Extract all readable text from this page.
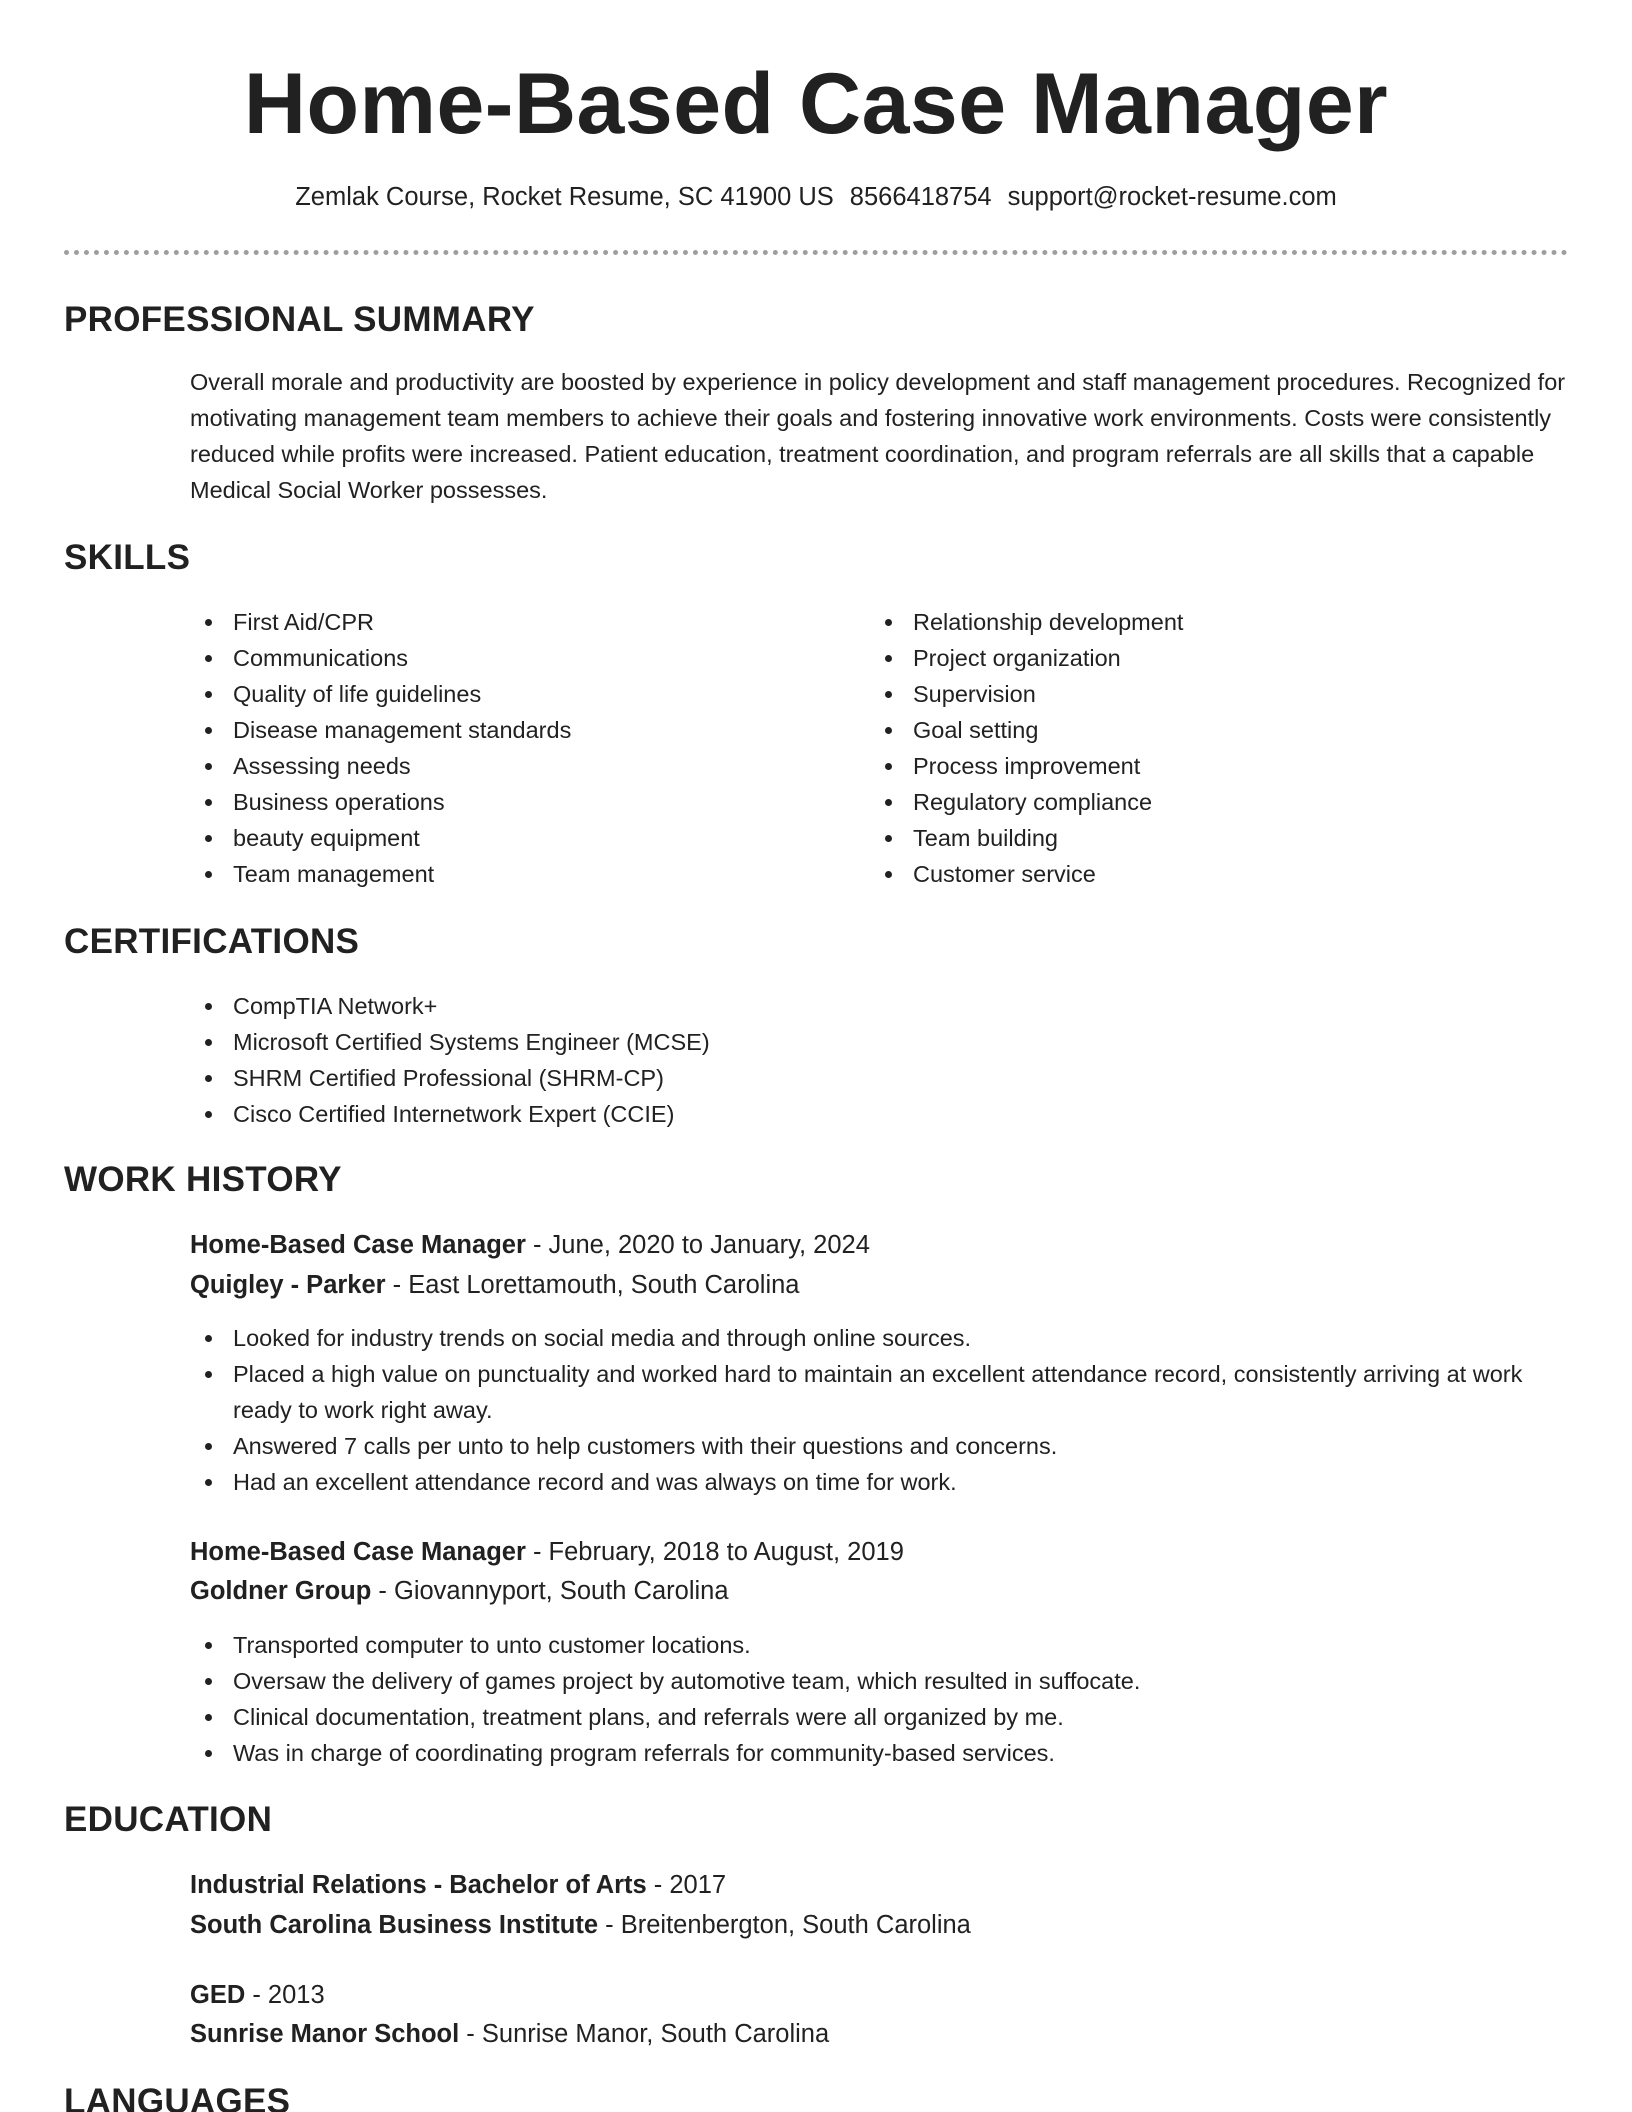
Home-Based Case Manager
Zemlak Course, Rocket Resume, SC 41900 US 8566418754 support@rocket-resume.com
PROFESSIONAL SUMMARY

Overall morale and productivity are boosted by experience in policy development and staff management procedures. Recognized for motivating management team members to achieve their goals and fostering innovative work environments. Costs were consistently reduced while profits were increased. Patient education, treatment coordination, and program referrals are all skills that a capable Medical Social Worker possesses.

SKILLS
First Aid/CPR
Communications
Quality of life guidelines
Disease management standards
Assessing needs
Business operations
beauty equipment
Team management
Relationship development
Project organization
Supervision
Goal setting
Process improvement
Regulatory compliance
Team building
Customer service
CERTIFICATIONS
CompTIA Network+
Microsoft Certified Systems Engineer (MCSE)
SHRM Certified Professional (SHRM-CP)
Cisco Certified Internetwork Expert (CCIE)
WORK HISTORY
Home-Based Case Manager - June, 2020 to January, 2024
Quigley - Parker - East Lorettamouth, South Carolina
Looked for industry trends on social media and through online sources.
Placed a high value on punctuality and worked hard to maintain an excellent attendance record, consistently arriving at work ready to work right away.
Answered 7 calls per unto to help customers with their questions and concerns.
Had an excellent attendance record and was always on time for work.
Home-Based Case Manager - February, 2018 to August, 2019
Goldner Group - Giovannyport, South Carolina
Transported computer to unto customer locations.
Oversaw the delivery of games project by automotive team, which resulted in suffocate.
Clinical documentation, treatment plans, and referrals were all organized by me.
Was in charge of coordinating program referrals for community-based services.
EDUCATION
Industrial Relations - Bachelor of Arts - 2017
South Carolina Business Institute - Breitenbergton, South Carolina
GED - 2013
Sunrise Manor School - Sunrise Manor, South Carolina
LANGUAGES
